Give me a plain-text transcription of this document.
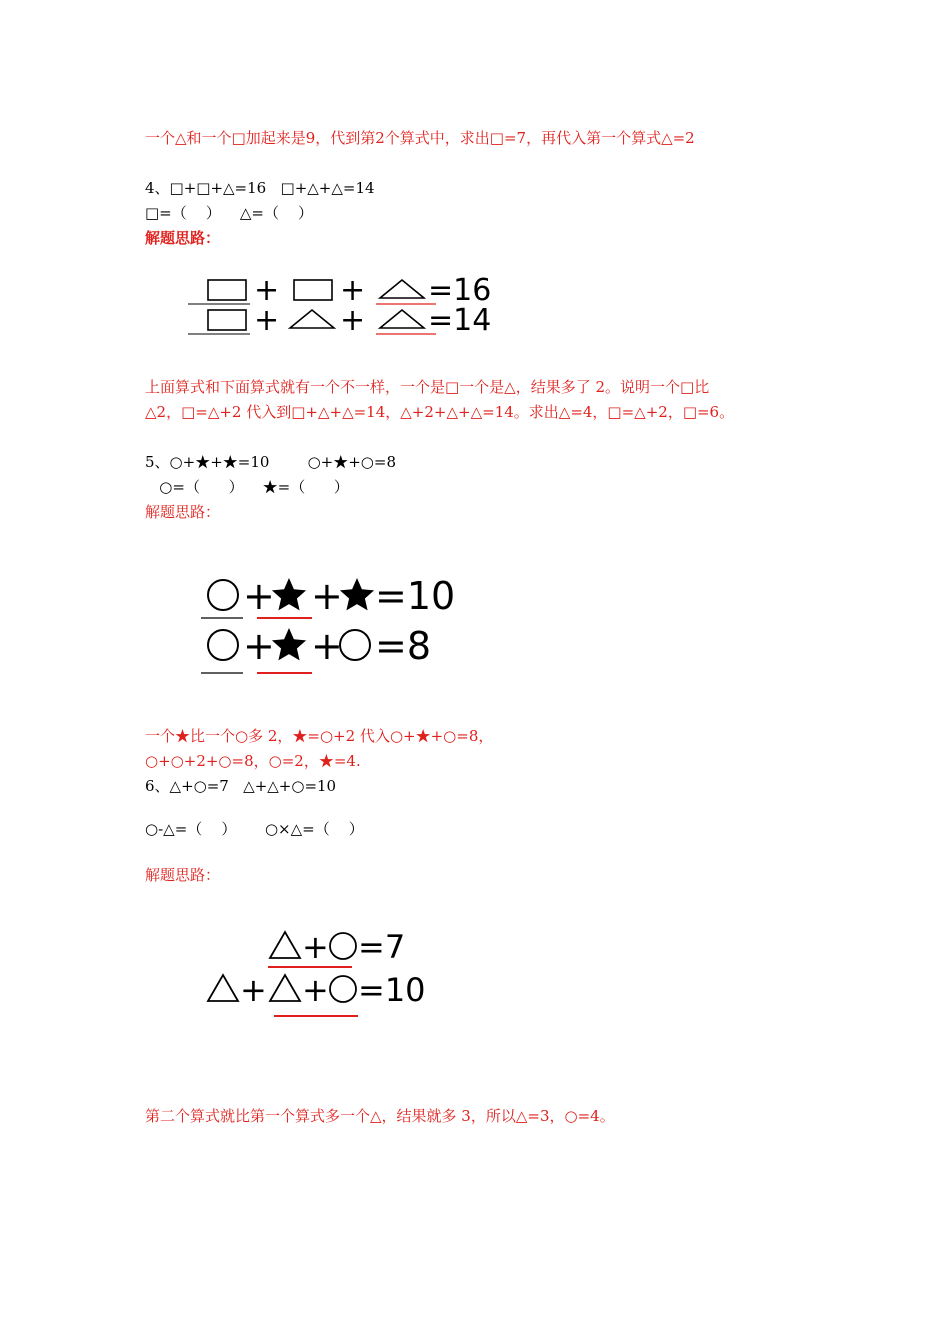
一个△和一个□加起来是9，代到第2个算式中，求出□=7，再代入第一个算式△=2
4、□+□+△=16   □+△+△=14
□=（    ）    △=（    ）
解题思路：
+ + =16
+ + =14
上面算式和下面算式就有一个不一样，一个是□一个是△，结果多了 2。说明一个□比
△2，□=△+2 代入到□+△+△=14，△+2+△+△=14。求出△=4，□=△+2，□=6。
5、○+★+★=10        ○+★+○=8
○=（      ）    ★=（      ）
解题思路：
+ + =10
+ + =8
一个★比一个○多 2，★=○+2 代入○+★+○=8，
○+○+2+○=8，○=2，★=4.
6、△+○=7   △+△+○=10
○-△=（    ）      ○×△=（    ）
解题思路：
+ =7
+ + =10
第二个算式就比第一个算式多一个△，结果就多 3，所以△=3，○=4。
